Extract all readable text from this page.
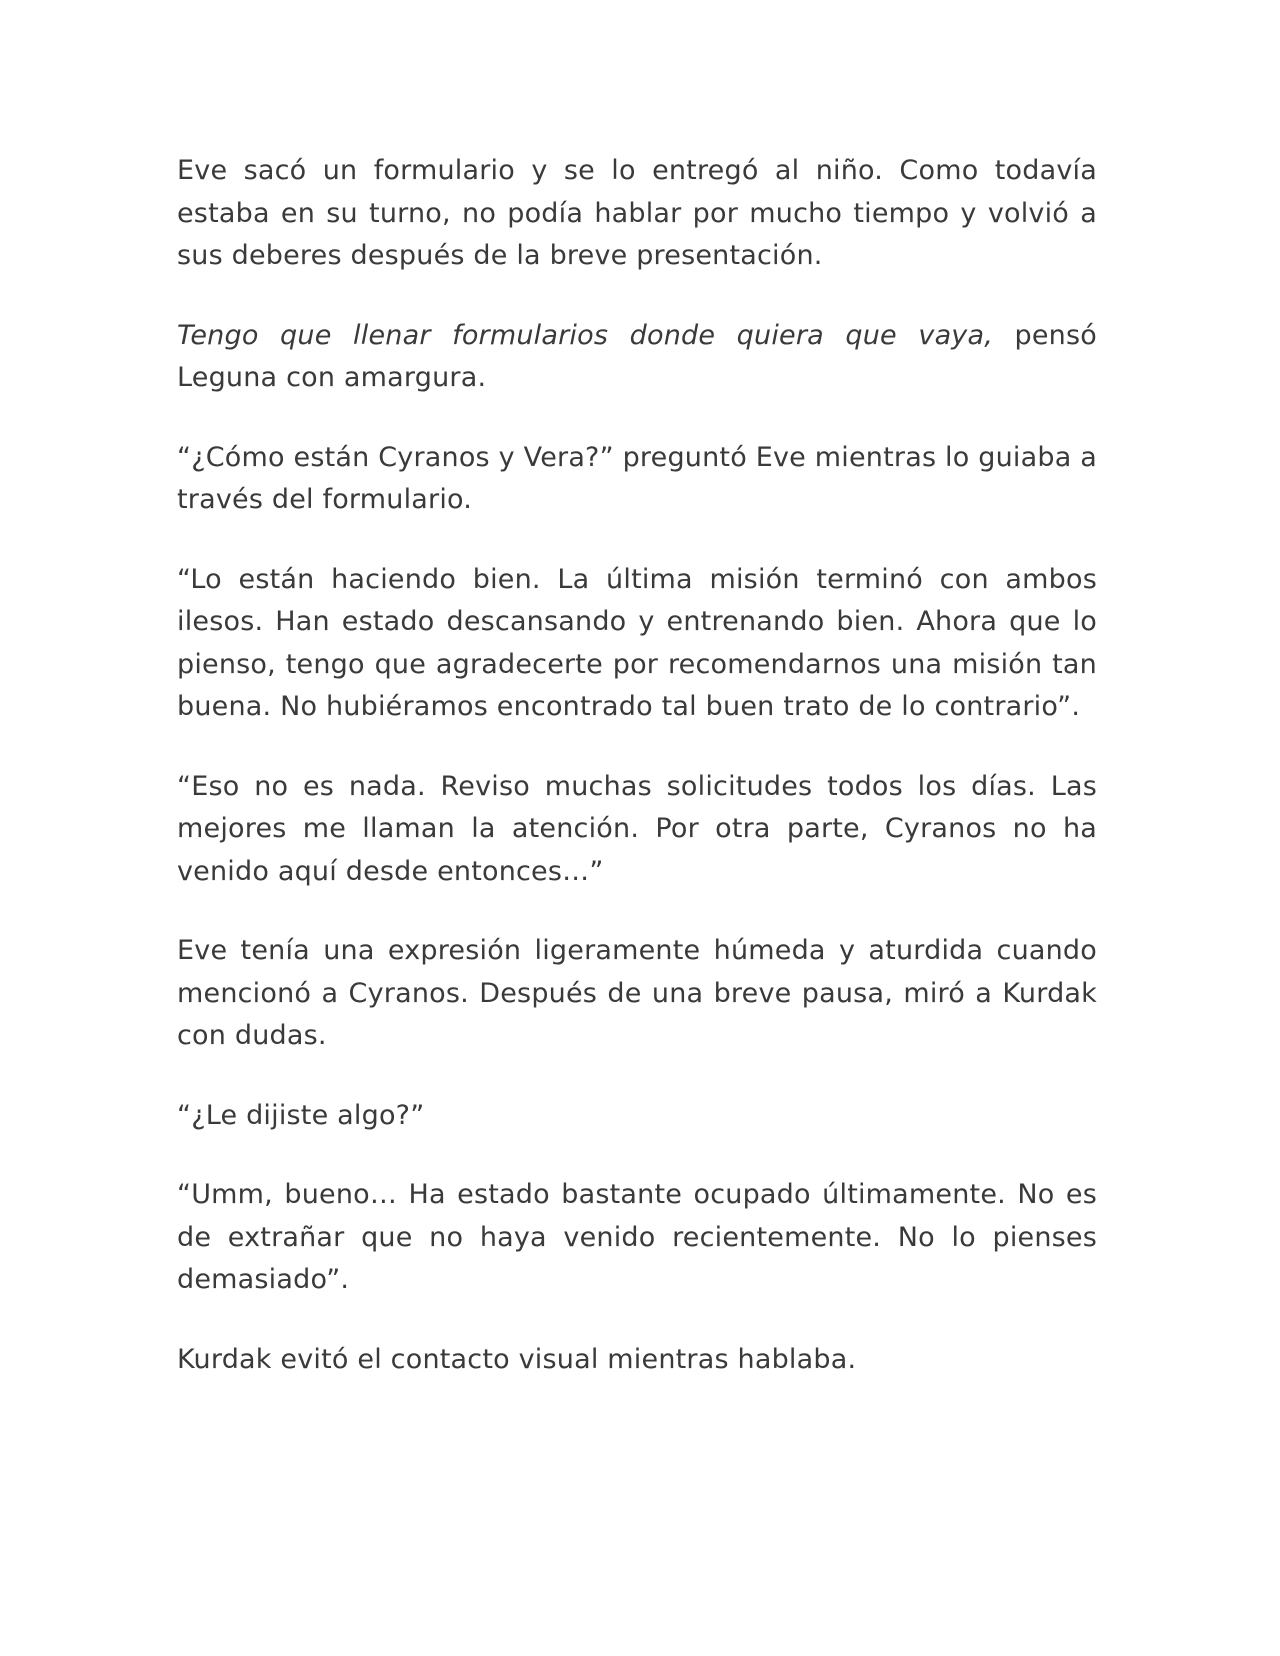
Eve sacó un formulario y se lo entregó al niño. Como todavía estaba en su turno, no podía hablar por mucho tiempo y volvió a sus deberes después de la breve presentación.

Tengo que llenar formularios donde quiera que vaya, pensó Leguna con amargura.

“¿Cómo están Cyranos y Vera?” preguntó Eve mientras lo guiaba a través del formulario.

“Lo están haciendo bien. La última misión terminó con ambos ilesos. Han estado descansando y entrenando bien. Ahora que lo pienso, tengo que agradecerte por recomendarnos una misión tan buena. No hubiéramos encontrado tal buen trato de lo contrario”.

“Eso no es nada. Reviso muchas solicitudes todos los días. Las mejores me llaman la atención. Por otra parte, Cyranos no ha venido aquí desde entonces…”

Eve tenía una expresión ligeramente húmeda y aturdida cuando mencionó a Cyranos. Después de una breve pausa, miró a Kurdak con dudas.

“¿Le dijiste algo?”

“Umm, bueno… Ha estado bastante ocupado últimamente. No es de extrañar que no haya venido recientemente. No lo pienses demasiado”.

Kurdak evitó el contacto visual mientras hablaba.
